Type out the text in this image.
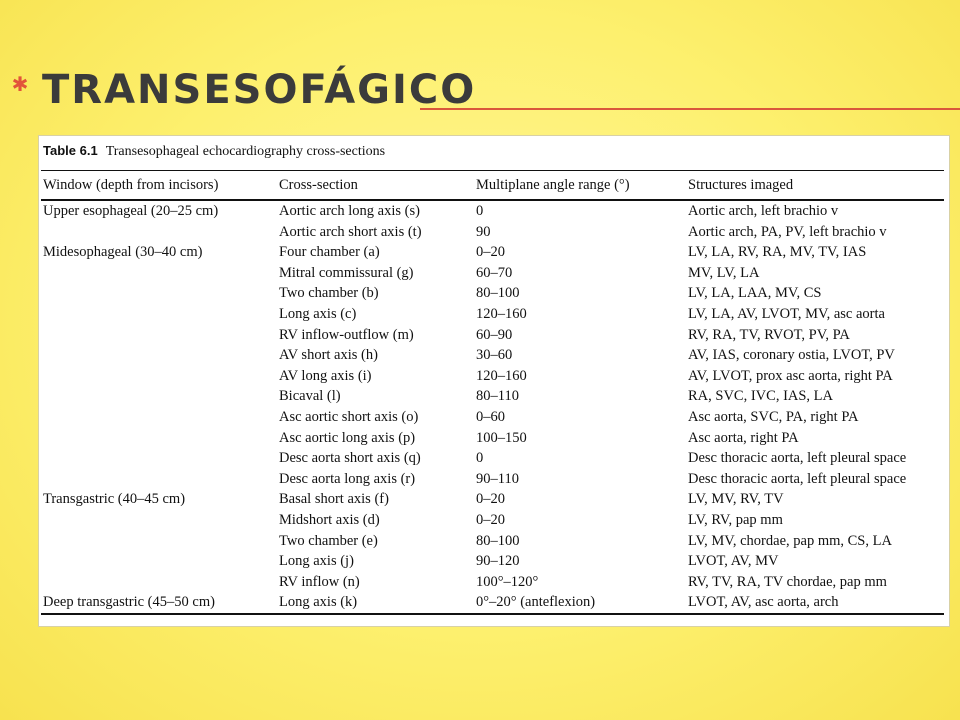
✱ TRANSESOFÁGICO
Table 6.1 Transesophageal echocardiography cross-sections
Window (depth from incisors)	Cross-section	Multiplane angle range (°)	Structures imaged
Upper esophageal (20–25 cm)	Aortic arch long axis (s)	0	Aortic arch, left brachio v
	Aortic arch short axis (t)	90	Aortic arch, PA, PV, left brachio v
Midesophageal (30–40 cm)	Four chamber (a)	0–20	LV, LA, RV, RA, MV, TV, IAS
	Mitral commissural (g)	60–70	MV, LV, LA
	Two chamber (b)	80–100	LV, LA, LAA, MV, CS
	Long axis (c)	120–160	LV, LA, AV, LVOT, MV, asc aorta
	RV inflow-outflow (m)	60–90	RV, RA, TV, RVOT, PV, PA
	AV short axis (h)	30–60	AV, IAS, coronary ostia, LVOT, PV
	AV long axis (i)	120–160	AV, LVOT, prox asc aorta, right PA
	Bicaval (l)	80–110	RA, SVC, IVC, IAS, LA
	Asc aortic short axis (o)	0–60	Asc aorta, SVC, PA, right PA
	Asc aortic long axis (p)	100–150	Asc aorta, right PA
	Desc aorta short axis (q)	0	Desc thoracic aorta, left pleural space
	Desc aorta long axis (r)	90–110	Desc thoracic aorta, left pleural space
Transgastric (40–45 cm)	Basal short axis (f)	0–20	LV, MV, RV, TV
	Midshort axis (d)	0–20	LV, RV, pap mm
	Two chamber (e)	80–100	LV, MV, chordae, pap mm, CS, LA
	Long axis (j)	90–120	LVOT, AV, MV
	RV inflow (n)	100°–120°	RV, TV, RA, TV chordae, pap mm
Deep transgastric (45–50 cm)	Long axis (k)	0°–20° (anteflexion)	LVOT, AV, asc aorta, arch
